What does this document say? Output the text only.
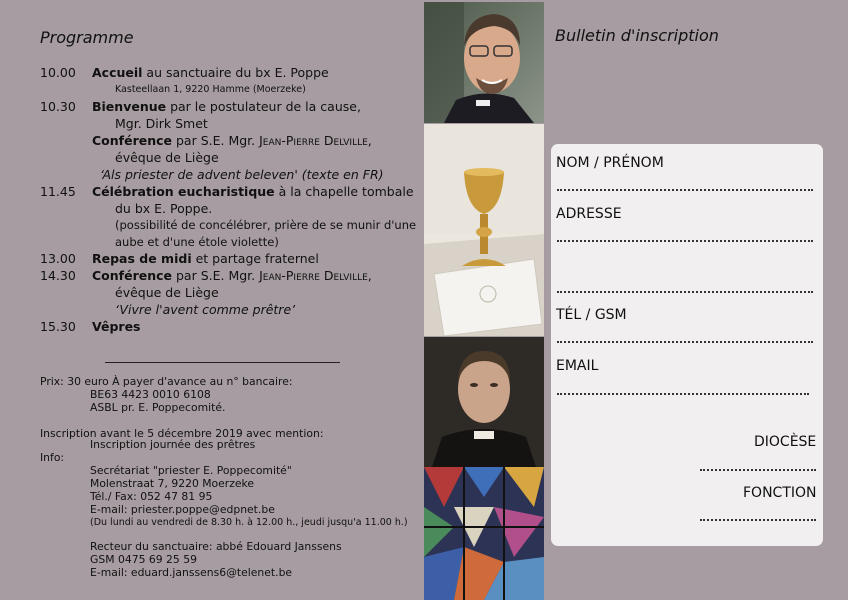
Programme
10.00 Accueil au sanctuaire du bx E. Poppe
Kasteellaan 1, 9220 Hamme (Moerzeke)
10.30 Bienvenue par le postulateur de la cause,
Mgr. Dirk Smet
Conférence par S.E. Mgr. Jean-Pierre Delville,
évêque de Liège
‘Als priester de advent beleven' (texte en FR)
11.45 Célébration eucharistique à la chapelle tombale
du bx E. Poppe.
(possibilité de concélébrer, prière de se munir d'une
aube et d'une étole violette)
13.00 Repas de midi et partage fraternel
14.30 Conférence par S.E. Mgr. Jean-Pierre Delville,
évêque de Liège
‘Vivre l'avent comme prêtre’
15.30 Vêpres
Prix: 30 euro À payer d'avance au n° bancaire:
BE63 4423 0010 6108
ASBL pr. E. Poppecomité.
Inscription avant le 5 décembre 2019 avec mention:
Inscription journée des prêtres
Info:
Secrétariat "priester E. Poppecomité"
Molenstraat 7, 9220 Moerzeke
Tél./ Fax: 052 47 81 95
E-mail: priester.poppe@edpnet.be
(Du lundi au vendredi de 8.30 h. à 12.00 h., jeudi jusqu'a 11.00 h.)
Recteur du sanctuaire: abbé Edouard Janssens
GSM 0475 69 25 59
E-mail: eduard.janssens6@telenet.be
Bulletin d'inscription
NOM / PRÉNOM
ADRESSE
TÉL / GSM
EMAIL
DIOCÈSE
FONCTION
